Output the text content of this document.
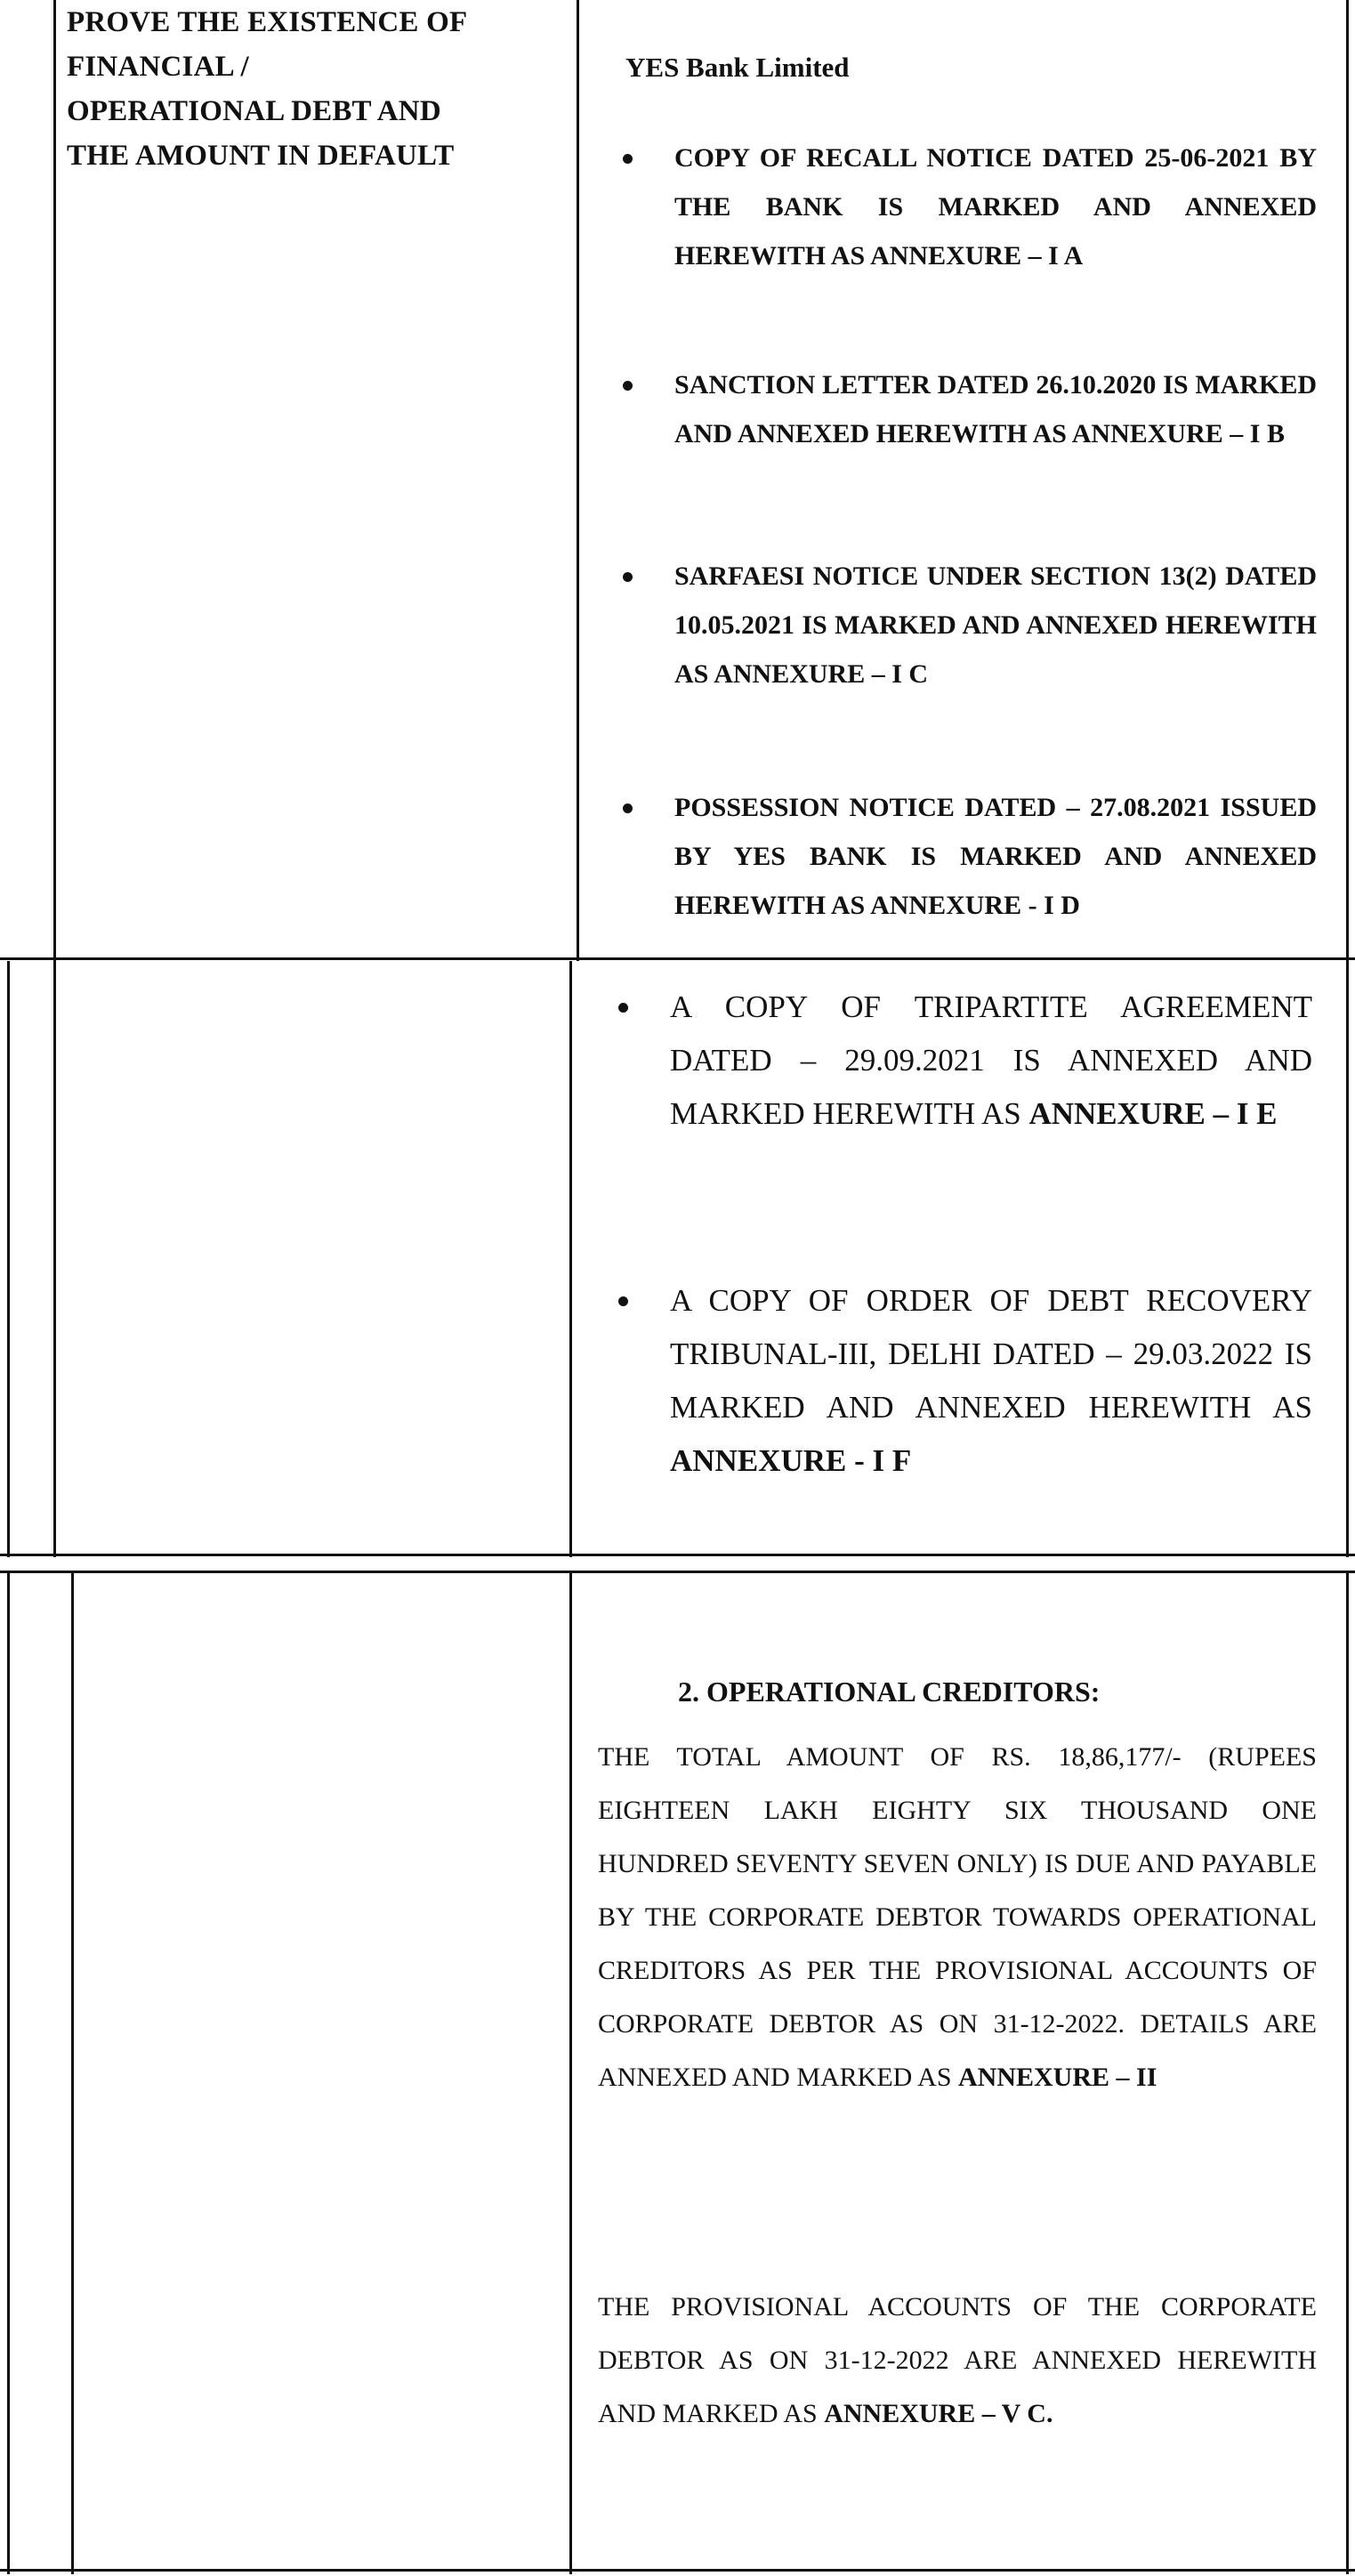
PROVE THE EXISTENCE OF
FINANCIAL /
OPERATIONAL DEBT AND
THE AMOUNT IN DEFAULT
YES Bank Limited
COPY OF RECALL NOTICE DATED 25-06-2021 BY THE BANK IS MARKED AND ANNEXED HEREWITH AS ANNEXURE – I A
SANCTION LETTER DATED 26.10.2020 IS MARKED AND ANNEXED HEREWITH AS ANNEXURE – I B
SARFAESI NOTICE UNDER SECTION 13(2) DATED 10.05.2021 IS MARKED AND ANNEXED HEREWITH AS ANNEXURE – I C
POSSESSION NOTICE DATED – 27.08.2021 ISSUED BY YES BANK IS MARKED AND ANNEXED HEREWITH AS ANNEXURE - I D
A COPY OF TRIPARTITE AGREEMENT DATED – 29.09.2021 IS ANNEXED AND MARKED HEREWITH AS ANNEXURE – I E
A COPY OF ORDER OF DEBT RECOVERY TRIBUNAL-III, DELHI DATED – 29.03.2022 IS MARKED AND ANNEXED HEREWITH AS ANNEXURE - I F
2. OPERATIONAL CREDITORS:
THE TOTAL AMOUNT OF RS. 18,86,177/- (RUPEES EIGHTEEN LAKH EIGHTY SIX THOUSAND ONE HUNDRED SEVENTY SEVEN ONLY) IS DUE AND PAYABLE BY THE CORPORATE DEBTOR TOWARDS OPERATIONAL CREDITORS AS PER THE PROVISIONAL ACCOUNTS OF CORPORATE DEBTOR AS ON 31-12-2022. DETAILS ARE ANNEXED AND MARKED AS ANNEXURE – II
THE PROVISIONAL ACCOUNTS OF THE CORPORATE DEBTOR AS ON 31-12-2022 ARE ANNEXED HEREWITH AND MARKED AS ANNEXURE – V C.
